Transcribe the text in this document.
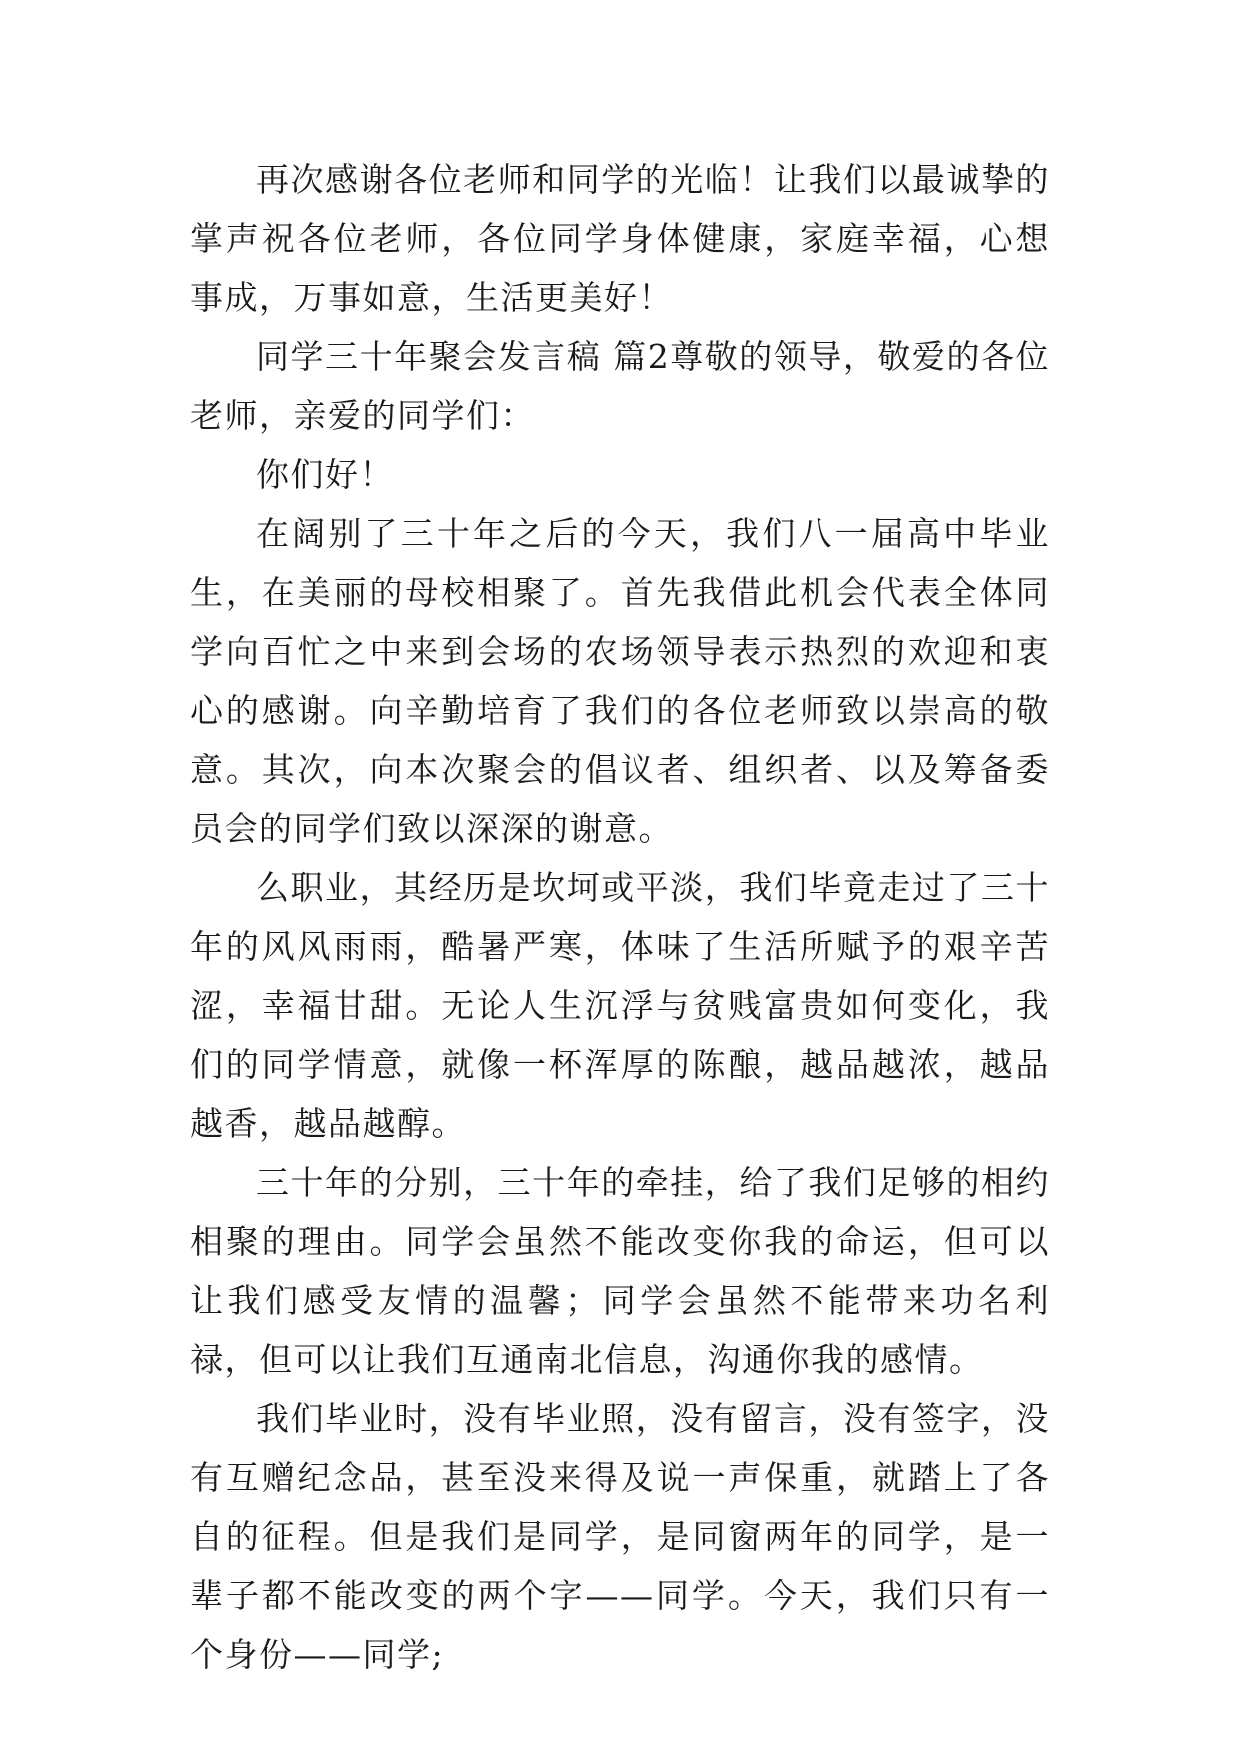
再次感谢各位老师和同学的光临！让我们以最诚挚的掌声祝各位老师，各位同学身体健康，家庭幸福，心想事成，万事如意，生活更美好！

同学三十年聚会发言稿 篇2尊敬的领导，敬爱的各位老师，亲爱的同学们：

你们好！

在阔别了三十年之后的今天，我们八一届高中毕业生，在美丽的母校相聚了。首先我借此机会代表全体同学向百忙之中来到会场的农场领导表示热烈的欢迎和衷心的感谢。向辛勤培育了我们的各位老师致以崇高的敬意。其次，向本次聚会的倡议者、组织者、以及筹备委员会的同学们致以深深的谢意。

么职业，其经历是坎坷或平淡，我们毕竟走过了三十年的风风雨雨，酷暑严寒，体味了生活所赋予的艰辛苦涩，幸福甘甜。无论人生沉浮与贫贱富贵如何变化，我们的同学情意，就像一杯浑厚的陈酿，越品越浓，越品越香，越品越醇。

三十年的分别，三十年的牵挂，给了我们足够的相约相聚的理由。同学会虽然不能改变你我的命运，但可以让我们感受友情的温馨；同学会虽然不能带来功名利禄，但可以让我们互通南北信息，沟通你我的感情。

我们毕业时，没有毕业照，没有留言，没有签字，没有互赠纪念品，甚至没来得及说一声保重，就踏上了各自的征程。但是我们是同学，是同窗两年的同学，是一辈子都不能改变的两个字——同学。今天，我们只有一个身份——同学;
